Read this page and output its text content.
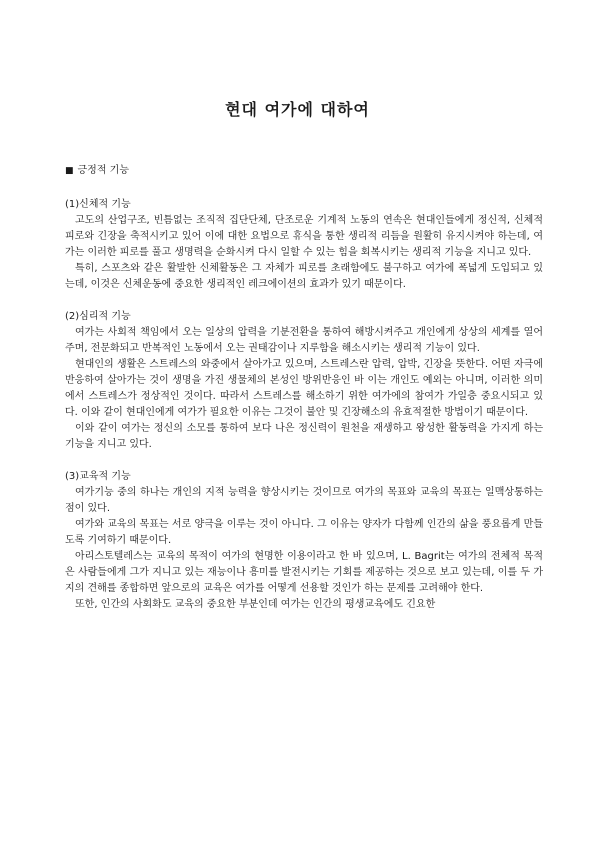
현대 여가에 대하여

■ 긍정적 기능

(1)신체적 기능

고도의 산업구조, 빈틈없는 조직적 집단단체, 단조로운 기계적 노동의 연속은 현대인들에게 정신적, 신체적 피로와 긴장을 축적시키고 있어 이에 대한 요법으로 휴식을 통한 생리적 리듬을 원활히 유지시켜야 하는데, 여가는 이러한 피로를 풀고 생명력을 순화시켜 다시 일할 수 있는 힘을 회복시키는 생리적 기능을 지니고 있다.

특히, 스포츠와 같은 활발한 신체활동은 그 자체가 피로를 초래함에도 불구하고 여가에 폭넓게 도입되고 있는데, 이것은 신체운동에 중요한 생리적인 레크에이션의 효과가 있기 때문이다.

(2)심리적 기능

여가는 사회적 책임에서 오는 일상의 압력을 기분전환을 통하여 해방시켜주고 개인에게 상상의 세계를 열어주며, 전문화되고 반복적인 노동에서 오는 권태감이나 지루함을 해소시키는 생리적 기능이 있다.

현대인의 생활은 스트레스의 와중에서 살아가고 있으며, 스트레스란 압력, 압박, 긴장을 뜻한다. 어떤 자극에 반응하여 살아가는 것이 생명을 가진 생물체의 본성인 방위반응인 바 이는 개인도 예외는 아니며, 이러한 의미에서 스트레스가 정상적인 것이다. 따라서 스트레스를 해소하기 위한 여가에의 참여가 가일층 중요시되고 있다. 이와 같이 현대인에게 여가가 필요한 이유는 그것이 불안 및 긴장해소의 유효적절한 방법이기 때문이다.

이와 같이 여가는 정신의 소모를 통하여 보다 나은 정신력이 원천을 재생하고 왕성한 활동력을 가지게 하는 기능을 지니고 있다.

(3)교육적 기능

여가기능 중의 하나는 개인의 지적 능력을 향상시키는 것이므로 여가의 목표와 교육의 목표는 일맥상통하는 점이 있다.

여가와 교육의 목표는 서로 양극을 이루는 것이 아니다. 그 이유는 양자가 다함께 인간의 삶을 풍요롭게 만들도록 기여하기 때문이다.

아리스토텔레스는 교육의 목적이 여가의 현명한 이용이라고 한 바 있으며, L. Bagrit는 여가의 전체적 목적은 사람들에게 그가 지니고 있는 재능이나 흥미를 발전시키는 기회를 제공하는 것으로 보고 있는데, 이를 두 가지의 견해를 종합하면 앞으로의 교육은 여가를 어떻게 선용할 것인가 하는 문제를 고려해야 한다.

또한, 인간의 사회화도 교육의 중요한 부분인데 여가는 인간의 평생교육에도 긴요한
